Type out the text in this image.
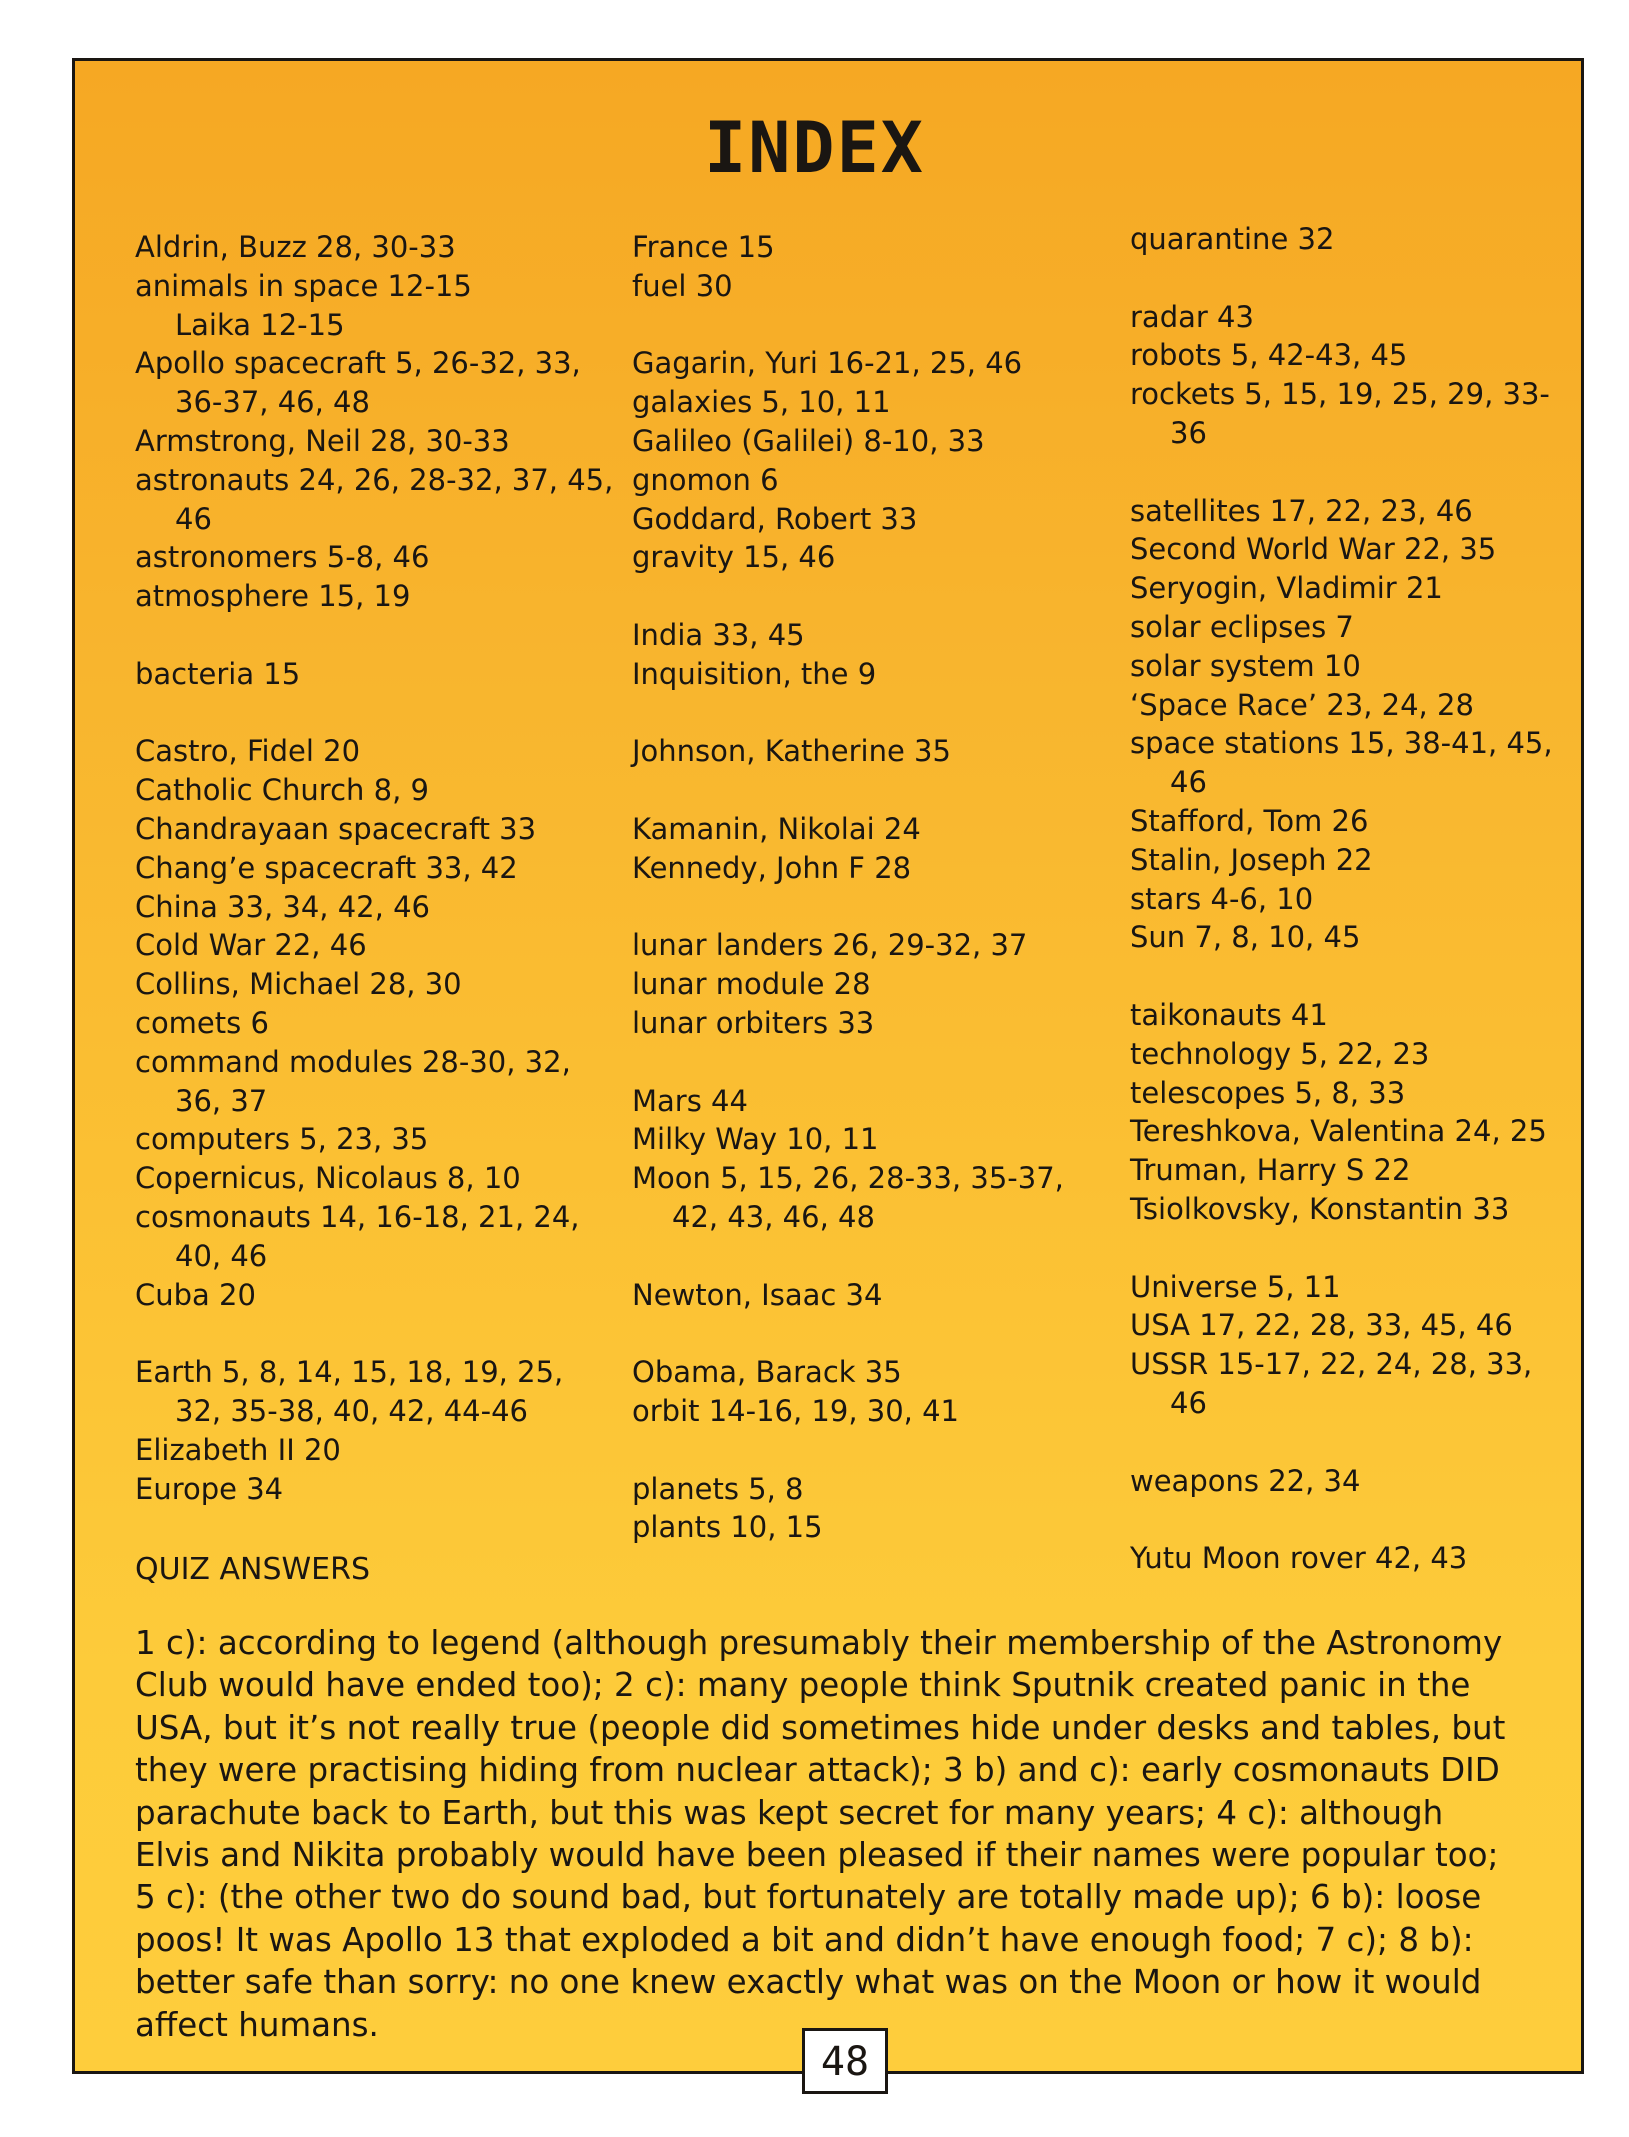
INDEX
Aldrin, Buzz 28, 30-33
animals in space 12-15
Laika 12-15
Apollo spacecraft 5, 26-32, 33, 36-37, 46, 48
Armstrong, Neil 28, 30-33
astronauts 24, 26, 28-32, 37, 45, 46
astronomers 5-8, 46
atmosphere 15, 19
bacteria 15
Castro, Fidel 20
Catholic Church 8, 9
Chandrayaan spacecraft 33
Chang’e spacecraft 33, 42
China 33, 34, 42, 46
Cold War 22, 46
Collins, Michael 28, 30
comets 6
command modules 28-30, 32, 36, 37
computers 5, 23, 35
Copernicus, Nicolaus 8, 10
cosmonauts 14, 16-18, 21, 24, 40, 46
Cuba 20
Earth 5, 8, 14, 15, 18, 19, 25, 32, 35-38, 40, 42, 44-46
Elizabeth II 20
Europe 34
France 15
fuel 30
Gagarin, Yuri 16-21, 25, 46
galaxies 5, 10, 11
Galileo (Galilei) 8-10, 33
gnomon 6
Goddard, Robert 33
gravity 15, 46
India 33, 45
Inquisition, the 9
Johnson, Katherine 35
Kamanin, Nikolai 24
Kennedy, John F 28
lunar landers 26, 29-32, 37
lunar module 28
lunar orbiters 33
Mars 44
Milky Way 10, 11
Moon 5, 15, 26, 28-33, 35-37, 42, 43, 46, 48
Newton, Isaac 34
Obama, Barack 35
orbit 14-16, 19, 30, 41
planets 5, 8
plants 10, 15
quarantine 32
radar 43
robots 5, 42-43, 45
rockets 5, 15, 19, 25, 29, 33-36
satellites 17, 22, 23, 46
Second World War 22, 35
Seryogin, Vladimir 21
solar eclipses 7
solar system 10
‘Space Race’ 23, 24, 28
space stations 15, 38-41, 45, 46
Stafford, Tom 26
Stalin, Joseph 22
stars 4-6, 10
Sun 7, 8, 10, 45
taikonauts 41
technology 5, 22, 23
telescopes 5, 8, 33
Tereshkova, Valentina 24, 25
Truman, Harry S 22
Tsiolkovsky, Konstantin 33
Universe 5, 11
USA 17, 22, 28, 33, 45, 46
USSR 15-17, 22, 24, 28, 33, 46
weapons 22, 34
Yutu Moon rover 42, 43
QUIZ ANSWERS

1 c): according to legend (although presumably their membership of the Astronomy Club would have ended too); 2 c): many people think Sputnik created panic in the USA, but it’s not really true (people did sometimes hide under desks and tables, but they were practising hiding from nuclear attack); 3 b) and c): early cosmonauts DID parachute back to Earth, but this was kept secret for many years; 4 c): although Elvis and Nikita probably would have been pleased if their names were popular too; 5 c): (the other two do sound bad, but fortunately are totally made up); 6 b): loose poos! It was Apollo 13 that exploded a bit and didn’t have enough food; 7 c); 8 b): better safe than sorry: no one knew exactly what was on the Moon or how it would affect humans.

48
